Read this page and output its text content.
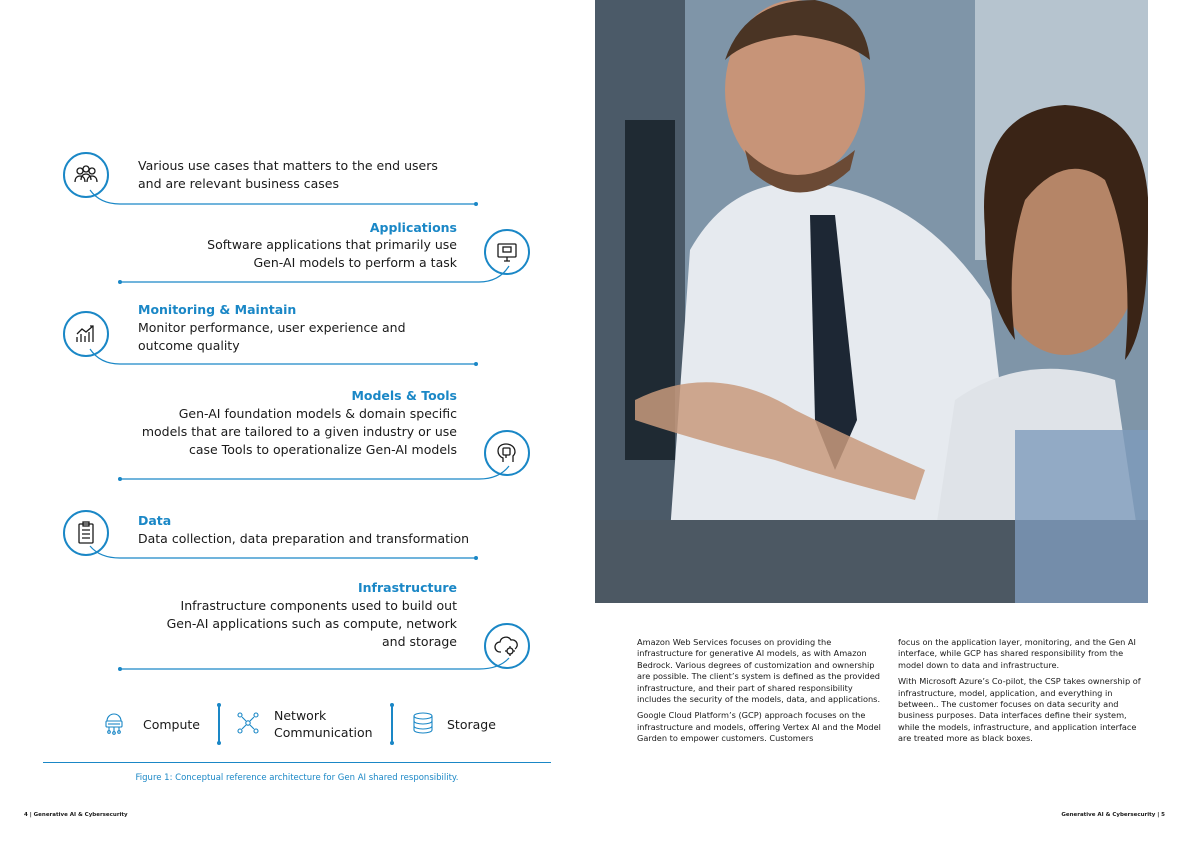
Various use cases that matters to the end users
and are relevant business cases
Applications
Software applications that primarily use
Gen-AI models to perform a task
Monitoring & Maintain
Monitor performance, user experience and
outcome quality
Models & Tools
Gen-AI foundation models & domain specific
models that are tailored to a given industry or use
case Tools to operationalize Gen-AI models
Data
Data collection, data preparation and transformation
Infrastructure
Infrastructure components used to build out
Gen-AI applications such as compute, network
and storage
Compute
Network
Communication
Storage
Figure 1: Conceptual reference architecture for Gen AI shared responsibility.
4 | Generative AI & Cybersecurity

Amazon Web Services focuses on providing the infrastructure for generative AI models, as with Amazon Bedrock. Various degrees of customization and ownership are possible. The client’s system is defined as the provided infrastructure, and their part of shared responsibility includes the security of the models, data, and applications.

Google Cloud Platform’s (GCP) approach focuses on the infrastructure and models, offering Vertex AI and the Model Garden to empower customers. Customers

focus on the application layer, monitoring, and the Gen AI interface, while GCP has shared responsibility from the model down to data and infrastructure.

With Microsoft Azure’s Co-pilot, the CSP takes ownership of infrastructure, model, application, and everything in between.. The customer focuses on data security and business purposes. Data interfaces define their system, while the models, infrastructure, and application interface are treated more as black boxes.

Generative AI & Cybersecurity | 5
